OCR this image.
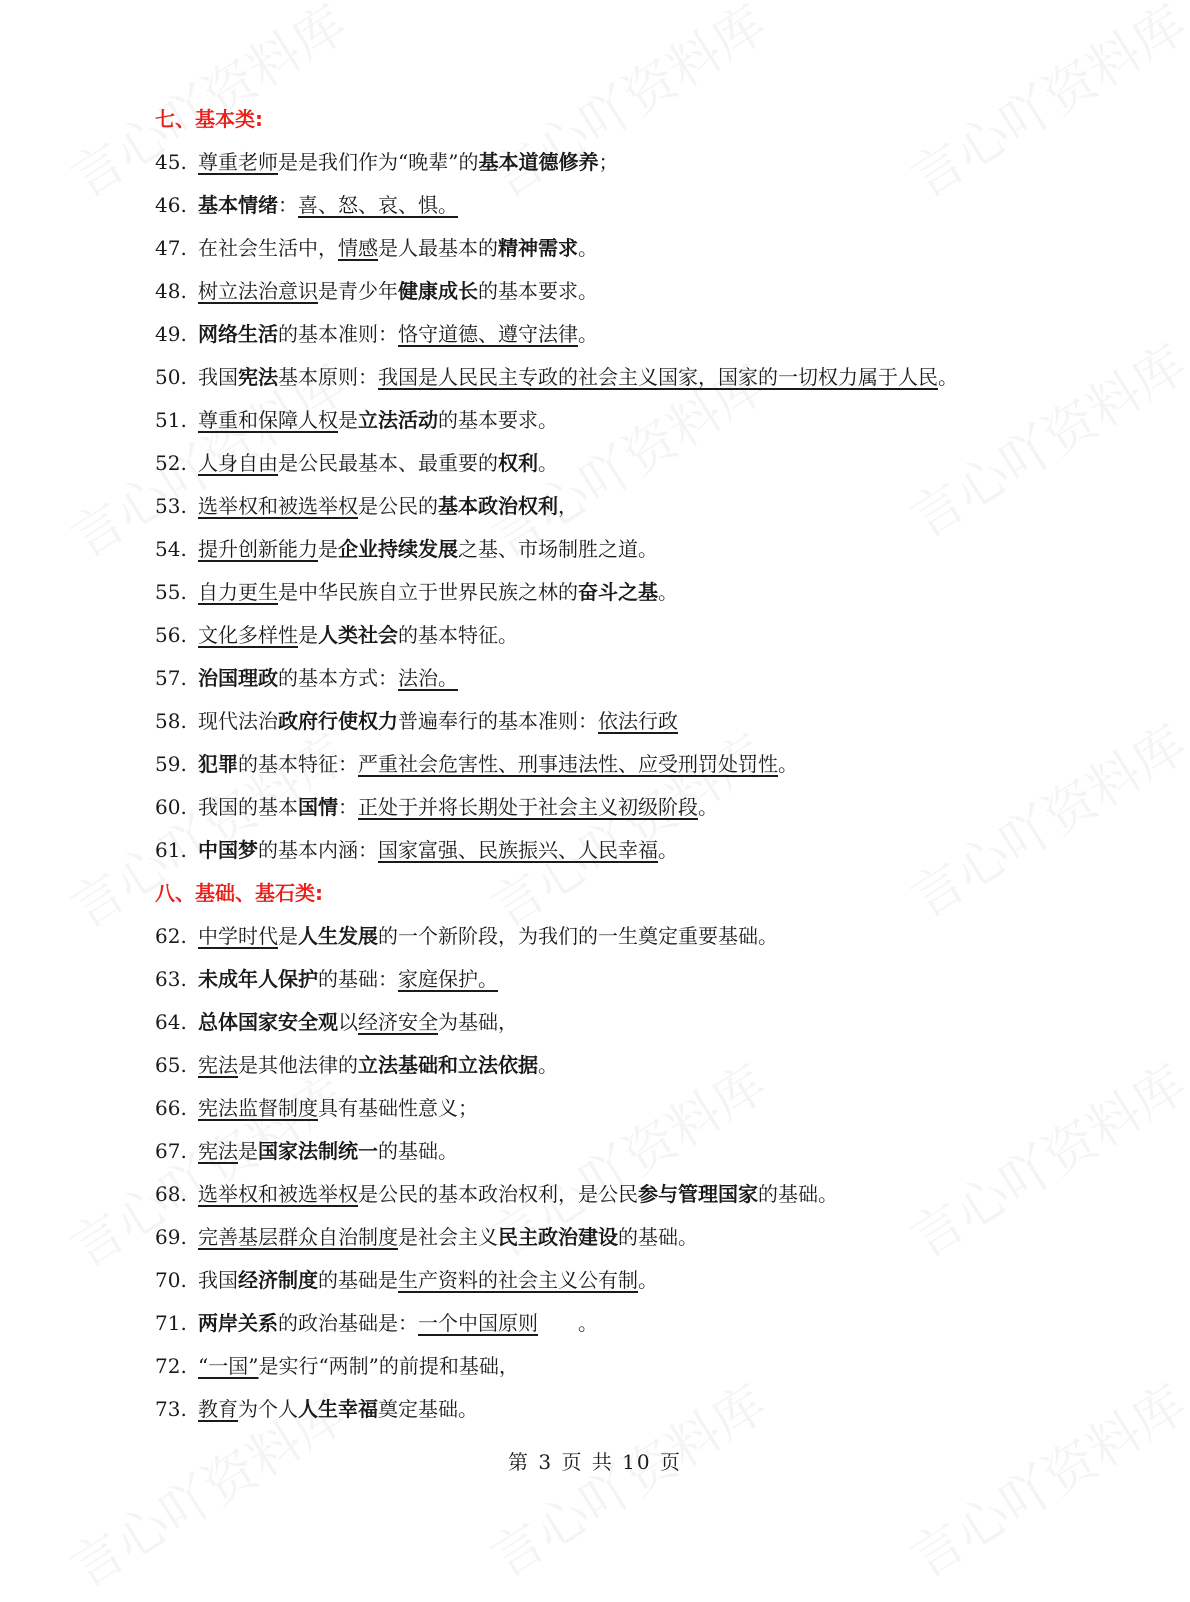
七、基本类:
45. 尊重老师是是我们作为“晚辈”的基本道德修养；
46. 基本情绪：喜、怒、哀、惧。
47. 在社会生活中，情感是人最基本的精神需求。
48. 树立法治意识是青少年健康成长的基本要求。
49. 网络生活的基本准则：恪守道德、遵守法律。
50. 我国宪法基本原则：我国是人民民主专政的社会主义国家，国家的一切权力属于人民。
51. 尊重和保障人权是立法活动的基本要求。
52. 人身自由是公民最基本、最重要的权利。
53. 选举权和被选举权是公民的基本政治权利，
54. 提升创新能力是企业持续发展之基、市场制胜之道。
55. 自力更生是中华民族自立于世界民族之林的奋斗之基。
56. 文化多样性是人类社会的基本特征。
57. 治国理政的基本方式：法治。
58. 现代法治政府行使权力普遍奉行的基本准则：依法行政
59. 犯罪的基本特征：严重社会危害性、刑事违法性、应受刑罚处罚性。
60. 我国的基本国情：正处于并将长期处于社会主义初级阶段。
61. 中国梦的基本内涵：国家富强、民族振兴、人民幸福。
八、基础、基石类:
62. 中学时代是人生发展的一个新阶段，为我们的一生奠定重要基础。
63. 未成年人保护的基础：家庭保护。
64. 总体国家安全观以经济安全为基础，
65. 宪法是其他法律的立法基础和立法依据。
66. 宪法监督制度具有基础性意义；
67. 宪法是国家法制统一的基础。
68. 选举权和被选举权是公民的基本政治权利，是公民参与管理国家的基础。
69. 完善基层群众自治制度是社会主义民主政治建设的基础。
70. 我国经济制度的基础是生产资料的社会主义公有制。
71. 两岸关系的政治基础是：一个中国原则　　。
72. “一国”是实行“两制”的前提和基础，
73. 教育为个人人生幸福奠定基础。
第 3 页 共 10 页
